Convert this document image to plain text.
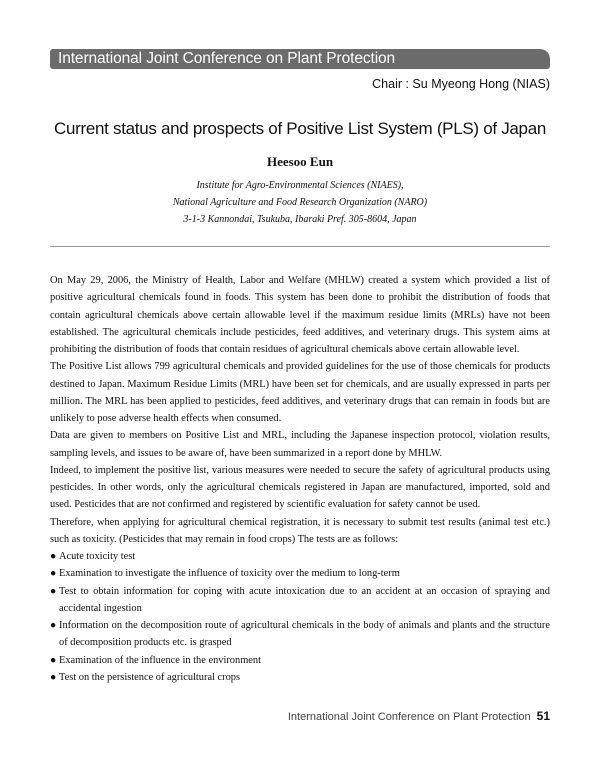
International Joint Conference on Plant Protection
Chair : Su Myeong Hong (NIAS)
Current status and prospects of Positive List System (PLS) of Japan
Heesoo Eun
Institute for Agro-Environmental Sciences (NIAES),
National Agriculture and Food Research Organization (NARO)
3-1-3 Kannondai, Tsukuba, Ibaraki Pref. 305-8604, Japan

On May 29, 2006, the Ministry of Health, Labor and Welfare (MHLW) created a system which provided a list of positive agricultural chemicals found in foods. This system has been done to prohibit the distribution of foods that contain agricultural chemicals above certain allowable level if the maximum residue limits (MRLs) have not been established. The agricultural chemicals include pesticides, feed additives, and veterinary drugs. This system aims at prohibiting the distribution of foods that contain residues of agricultural chemicals above certain allowable level.

The Positive List allows 799 agricultural chemicals and provided guidelines for the use of those chemicals for products destined to Japan. Maximum Residue Limits (MRL) have been set for chemicals, and are usually expressed in parts per million. The MRL has been applied to pesticides, feed additives, and veterinary drugs that can remain in foods but are unlikely to pose adverse health effects when consumed.

Data are given to members on Positive List and MRL, including the Japanese inspection protocol, violation results, sampling levels, and issues to be aware of, have been summarized in a report done by MHLW.

Indeed, to implement the positive list, various measures were needed to secure the safety of agricultural products using pesticides. In other words, only the agricultural chemicals registered in Japan are manufactured, imported, sold and used. Pesticides that are not confirmed and registered by scientific evaluation for safety cannot be used.

Therefore, when applying for agricultural chemical registration, it is necessary to submit test results (animal test etc.) such as toxicity. (Pesticides that may remain in food crops) The tests are as follows:

● Acute toxicity test
● Examination to investigate the influence of toxicity over the medium to long-term
● Test to obtain information for coping with acute intoxication due to an accident at an occasion of spraying and accidental ingestion
● Information on the decomposition route of agricultural chemicals in the body of animals and plants and the structure of decomposition products etc. is grasped
● Examination of the influence in the environment
● Test on the persistence of agricultural crops
International Joint Conference on Plant Protection 51
